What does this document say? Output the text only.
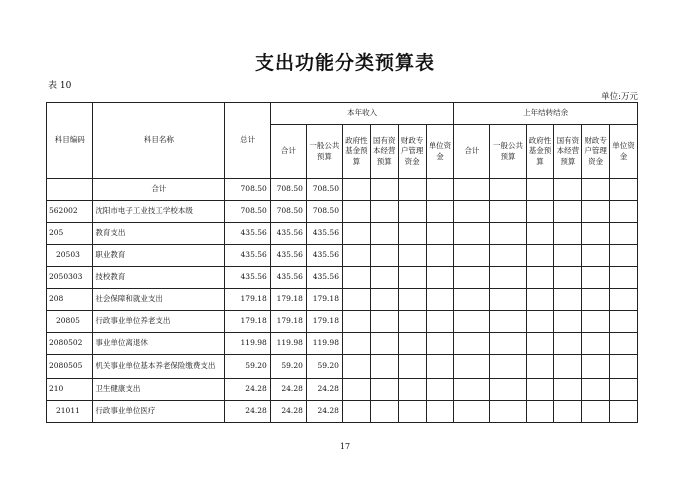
支出功能分类预算表
表 10
单位:万元
科目编码	科目名称	总计	本年收入						上年结转结余					
			合计	一般公共预算	政府性基金预算	国有资本经营预算	财政专户管理资金	单位资金	合计	一般公共预算	政府性基金预算	国有资本经营预算	财政专户管理资金	单位资金
	合计	708.50	708.50	708.50										
562002	沈阳市电子工业技工学校本级	708.50	708.50	708.50										
205	教育支出	435.56	435.56	435.56										
20503	职业教育	435.56	435.56	435.56										
2050303	技校教育	435.56	435.56	435.56										
208	社会保障和就业支出	179.18	179.18	179.18										
20805	行政事业单位养老支出	179.18	179.18	179.18										
2080502	事业单位离退休	119.98	119.98	119.98										
2080505	机关事业单位基本养老保险缴费支出	59.20	59.20	59.20										
210	卫生健康支出	24.28	24.28	24.28										
21011	行政事业单位医疗	24.28	24.28	24.28										
17
